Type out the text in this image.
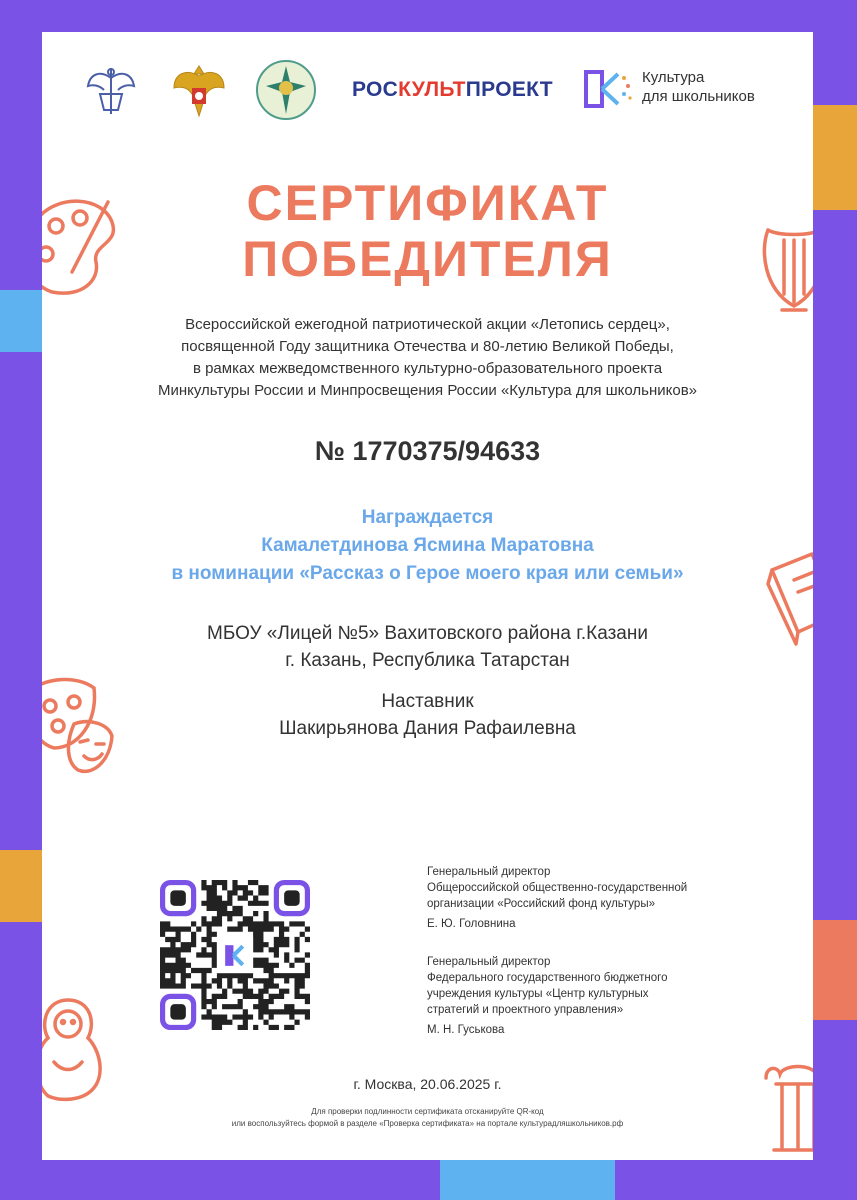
РОСКУЛЬТПРОЕКТ
Культура
для школьников
СЕРТИФИКАТ
ПОБЕДИТЕЛЯ
Всероссийской ежегодной патриотической акции «Летопись сердец»,
посвященной Году защитника Отечества и 80-летию Великой Победы,
в рамках межведомственного культурно-образовательного проекта
Минкультуры России и Минпросвещения России «Культура для школьников»
№ 1770375/94633
Награждается
Камалетдинова Ясмина Маратовна
в номинации «Рассказ о Герое моего края или семьи»
МБОУ «Лицей №5» Вахитовского района г.Казани
г. Казань, Республика Татарстан
Наставник
Шакирьянова Дания Рафаилевна
Генеральный директор
Общероссийской общественно-государственной
организации «Российский фонд культуры»
Е. Ю. Головнина
Генеральный директор
Федерального государственного бюджетного
учреждения культуры «Центр культурных
стратегий и проектного управления»
М. Н. Гуськова
г. Москва, 20.06.2025 г.
Для проверки подлинности сертификата отсканируйте QR-код
или воспользуйтесь формой в разделе «Проверка сертификата» на портале культурадляшкольников.рф
